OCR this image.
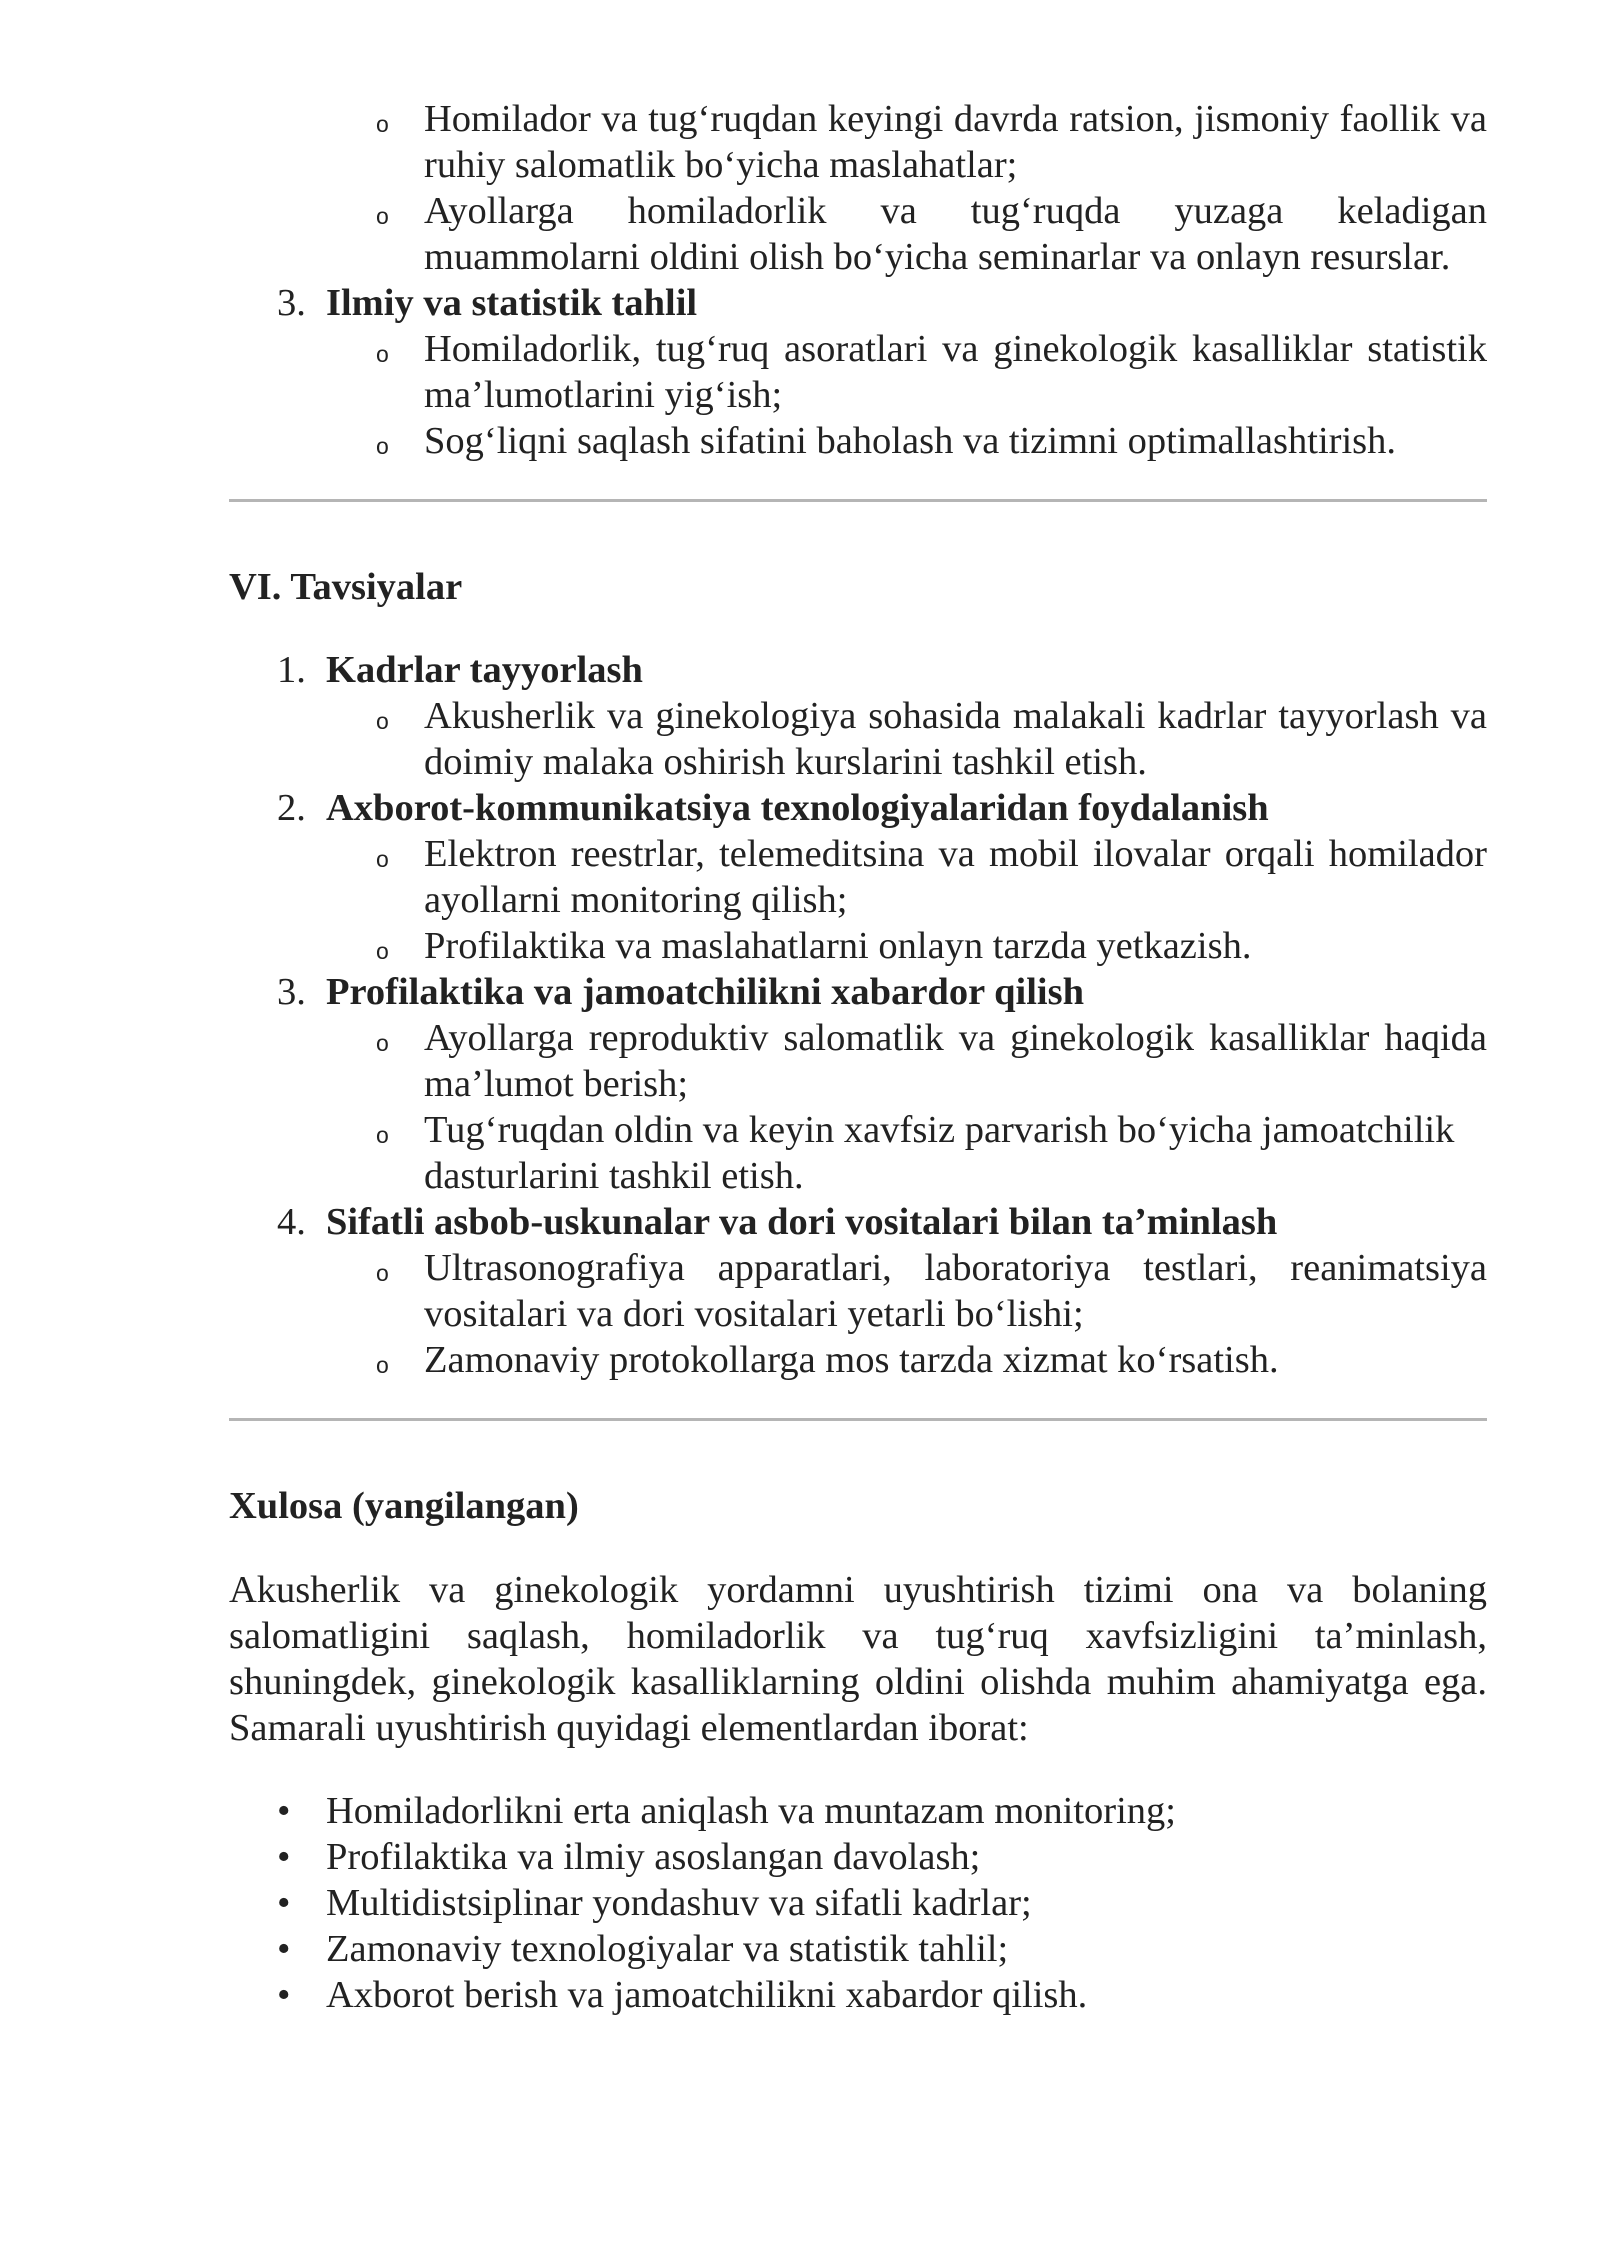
o Homilador va tug‘ruqdan keyingi davrda ratsion, jismoniy faollik va ruhiy salomatlik bo‘yicha maslahatlar;
o Ayollarga homiladorlik va tug‘ruqda yuzaga keladigan muammolarni oldini olish bo‘yicha seminarlar va onlayn resurslar.
3. Ilmiy va statistik tahlil
o Homiladorlik, tug‘ruq asoratlari va ginekologik kasalliklar statistik ma’lumotlarini yig‘ish;
o Sog‘liqni saqlash sifatini baholash va tizimni optimallashtirish.
VI. Tavsiyalar
1. Kadrlar tayyorlash
o Akusherlik va ginekologiya sohasida malakali kadrlar tayyorlash va doimiy malaka oshirish kurslarini tashkil etish.
2. Axborot-kommunikatsiya texnologiyalaridan foydalanish
o Elektron reestrlar, telemeditsina va mobil ilovalar orqali homilador ayollarni monitoring qilish;
o Profilaktika va maslahatlarni onlayn tarzda yetkazish.
3. Profilaktika va jamoatchilikni xabardor qilish
o Ayollarga reproduktiv salomatlik va ginekologik kasalliklar haqida ma’lumot berish;
o Tug‘ruqdan oldin va keyin xavfsiz parvarish bo‘yicha jamoatchilik dasturlarini tashkil etish.
4. Sifatli asbob-uskunalar va dori vositalari bilan ta’minlash
o Ultrasonografiya apparatlari, laboratoriya testlari, reanimatsiya vositalari va dori vositalari yetarli bo‘lishi;
o Zamonaviy protokollarga mos tarzda xizmat ko‘rsatish.
Xulosa (yangilangan)
Akusherlik va ginekologik yordamni uyushtirish tizimi ona va bolaning salomatligini saqlash, homiladorlik va tug‘ruq xavfsizligini ta’minlash, shuningdek, ginekologik kasalliklarning oldini olishda muhim ahamiyatga ega. Samarali uyushtirish quyidagi elementlardan iborat:
• Homiladorlikni erta aniqlash va muntazam monitoring;
• Profilaktika va ilmiy asoslangan davolash;
• Multidistsiplinar yondashuv va sifatli kadrlar;
• Zamonaviy texnologiyalar va statistik tahlil;
• Axborot berish va jamoatchilikni xabardor qilish.
